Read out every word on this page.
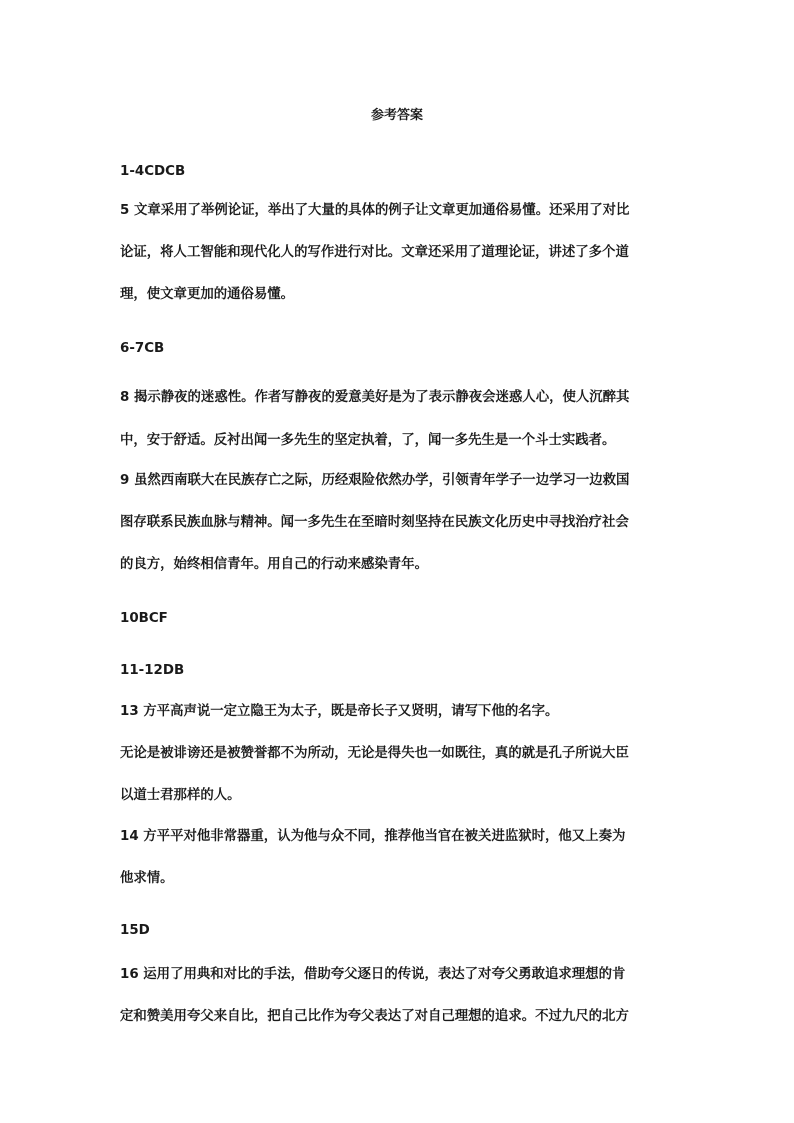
参考答案
1-4CDCB
5 文章采用了举例论证，举出了大量的具体的例子让文章更加通俗易懂。还采用了对比
论证，将人工智能和现代化人的写作进行对比。文章还采用了道理论证，讲述了多个道
理，使文章更加的通俗易懂。
6-7CB
8 揭示静夜的迷惑性。作者写静夜的爱意美好是为了表示静夜会迷惑人心，使人沉醉其
中，安于舒适。反衬出闻一多先生的坚定执着，了，闻一多先生是一个斗士实践者。
9 虽然西南联大在民族存亡之际，历经艰险依然办学，引领青年学子一边学习一边救国
图存联系民族血脉与精神。闻一多先生在至暗时刻坚持在民族文化历史中寻找治疗社会
的良方，始终相信青年。用自己的行动来感染青年。
10BCF
11-12DB
13 方平高声说一定立隐王为太子，既是帝长子又贤明，请写下他的名字。
无论是被诽谤还是被赞誉都不为所动，无论是得失也一如既往，真的就是孔子所说大臣
以道士君那样的人。
14 方平平对他非常器重，认为他与众不同，推荐他当官在被关进监狱时，他又上奏为
他求情。
15D
16 运用了用典和对比的手法，借助夸父逐日的传说，表达了对夸父勇敢追求理想的肯
定和赞美用夸父来自比，把自己比作为夸父表达了对自己理想的追求。不过九尺的北方
